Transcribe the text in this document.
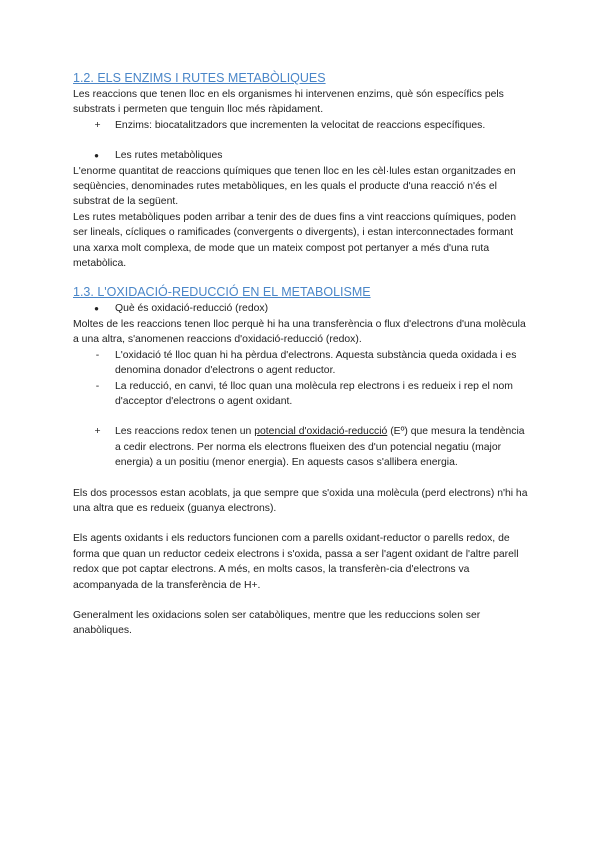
1.2. ELS ENZIMS I RUTES METABÒLIQUES

Les reaccions que tenen lloc en els organismes hi intervenen enzims, què són específics pels substrats i permeten que tenguin lloc més ràpidament.

+	Enzims: biocatalitzadors que incrementen la velocitat de reaccions específiques.
●	Les rutes metabòliques

L'enorme quantitat de reaccions químiques que tenen lloc en les cèl·lules estan organitzades en seqüències, denominades rutes metabòliques, en les quals el producte d'una reacció n'és el substrat de la següent.

Les rutes metabòliques poden arribar a tenir des de dues fins a vint reaccions químiques, poden ser lineals, cícliques o ramificades (convergents o divergents), i estan interconnectades formant una xarxa molt complexa, de mode que un mateix compost pot pertanyer a més d'una ruta metabòlica.

1.3. L'OXIDACIÓ-REDUCCIÓ EN EL METABOLISME
●	Què és oxidació-reducció (redox)

Moltes de les reaccions tenen lloc perquè hi ha una transferència o flux d'electrons d'una molècula a una altra, s'anomenen reaccions d'oxidació-reducció (redox).

-	L'oxidació té lloc quan hi ha pèrdua d'electrons. Aquesta substància queda oxidada i es denomina donador d'electrons o agent reductor.
-	La reducció, en canvi, té lloc quan una molècula rep electrons i es redueix i rep el nom d'acceptor d'electrons o agent oxidant.
+	Les reaccions redox tenen un potencial d'oxidació-reducció (Eº) que mesura la tendència a cedir electrons. Per norma els electrons flueixen des d'un potencial negatiu (major energia) a un positiu (menor energia). En aquests casos s'allibera energia.

Els dos processos estan acoblats, ja que sempre que s'oxida una molècula (perd electrons) n'hi ha una altra que es redueix (guanya electrons).

Els agents oxidants i els reductors funcionen com a parells oxidant-reductor o parells redox, de forma que quan un reductor cedeix electrons i s'oxida, passa a ser l'agent oxidant de l'altre parell redox que pot captar electrons. A més, en molts casos, la transferèn-cia d'electrons va acompanyada de la transferència de H+.

Generalment les oxidacions solen ser catabòliques, mentre que les reduccions solen ser anabòliques.
